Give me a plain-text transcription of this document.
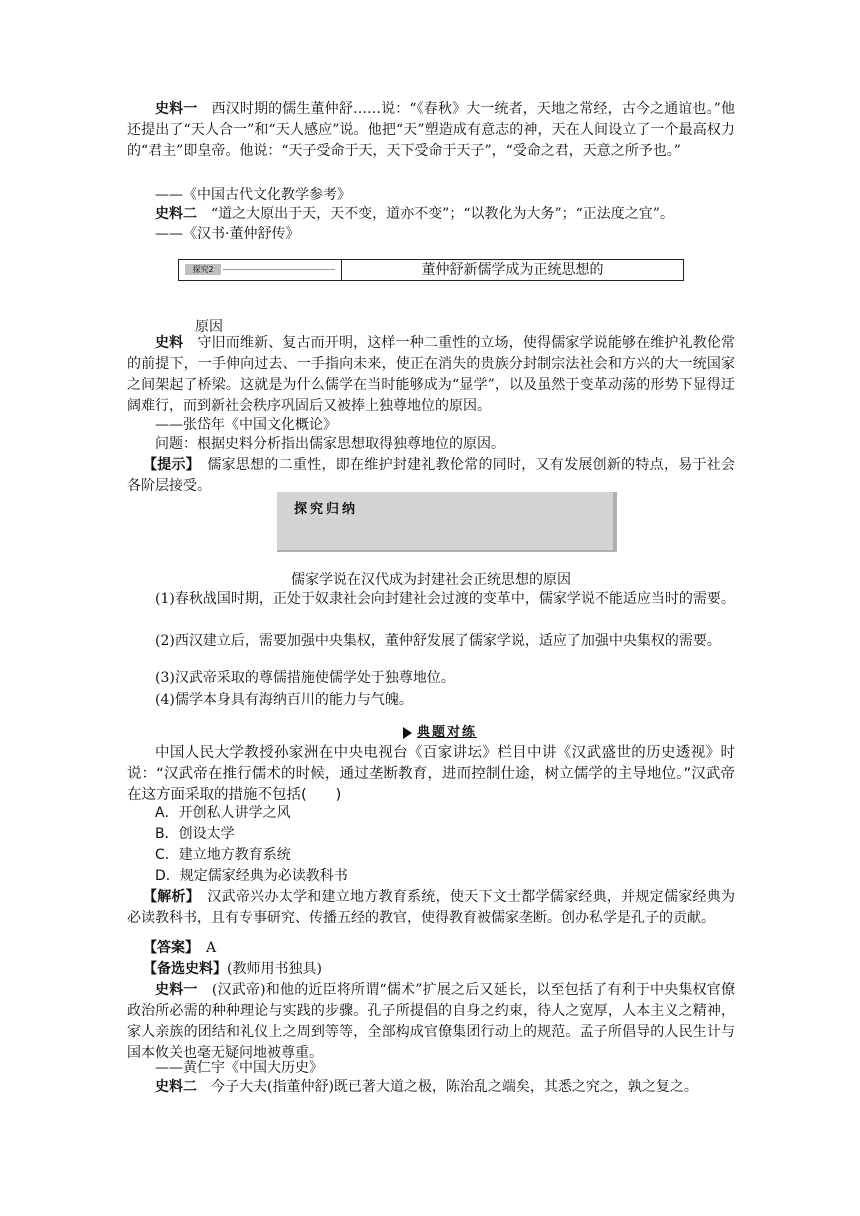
史料一　 西汉时期的儒生董仲舒……说：“《春秋》大一统者，天地之常经，古今之通谊也。”他还提出了“天人合一”和“天人感应”说。他把“天”塑造成有意志的神，天在人间设立了一个最高权力的“君主”即皇帝。他说：“天子受命于天，天下受命于天子”，“受命之君，天意之所予也。”
——《中国古代文化教学参考》
史料二　 “道之大原出于天，天不变，道亦不变”；“以教化为大务”；“正法度之宜”。
——《汉书·董仲舒传》
探究2	董仲舒新儒学成为正统思想的
原因
史料　 守旧而维新、复古而开明，这样一种二重性的立场，使得儒家学说能够在维护礼教伦常的前提下，一手伸向过去、一手指向未来，使正在消失的贵族分封制宗法社会和方兴的大一统国家之间架起了桥梁。这就是为什么儒学在当时能够成为“显学”，以及虽然于变革动荡的形势下显得迂阔难行，而到新社会秩序巩固后又被捧上独尊地位的原因。
——张岱年《中国文化概论》
问题：根据史料分析指出儒家思想取得独尊地位的原因。
【提示】　 儒家思想的二重性，即在维护封建礼教伦常的同时，又有发展创新的特点，易于社会各阶层接受。
探究归纳
儒家学说在汉代成为封建社会正统思想的原因
(1)春秋战国时期，正处于奴隶社会向封建社会过渡的变革中，儒家学说不能适应当时的需要。
(2)西汉建立后，需要加强中央集权，董仲舒发展了儒家学说，适应了加强中央集权的需要。
(3)汉武帝采取的尊儒措施使儒学处于独尊地位。
(4)儒学本身具有海纳百川的能力与气魄。
典题对练
中国人民大学教授孙家洲在中央电视台《百家讲坛》栏目中讲《汉武盛世的历史透视》时说：“汉武帝在推行儒术的时候，通过垄断教育，进而控制仕途，树立儒学的主导地位。”汉武帝在这方面采取的措施不包括(　　)
A．开创私人讲学之风
B．创设太学
C．建立地方教育系统
D．规定儒家经典为必读教科书
【解析】　 汉武帝兴办太学和建立地方教育系统，使天下文士都学儒家经典，并规定儒家经典为必读教科书，且有专事研究、传播五经的教官，使得教育被儒家垄断。创办私学是孔子的贡献。
【答案】　 A
【备选史料】(教师用书独具)
史料一　 (汉武帝)和他的近臣将所谓“儒术”扩展之后又延长，以至包括了有利于中央集权官僚政治所必需的种种理论与实践的步骤。孔子所提倡的自身之约束，待人之宽厚，人本主义之精神，家人亲族的团结和礼仪上之周到等等，全部构成官僚集团行动上的规范。孟子所倡导的人民生计与国本攸关也毫无疑问地被尊重。
——黄仁宇《中国大历史》
史料二　 今子大夫(指董仲舒)既已著大道之极，陈治乱之端矣，其悉之究之，孰之复之。
